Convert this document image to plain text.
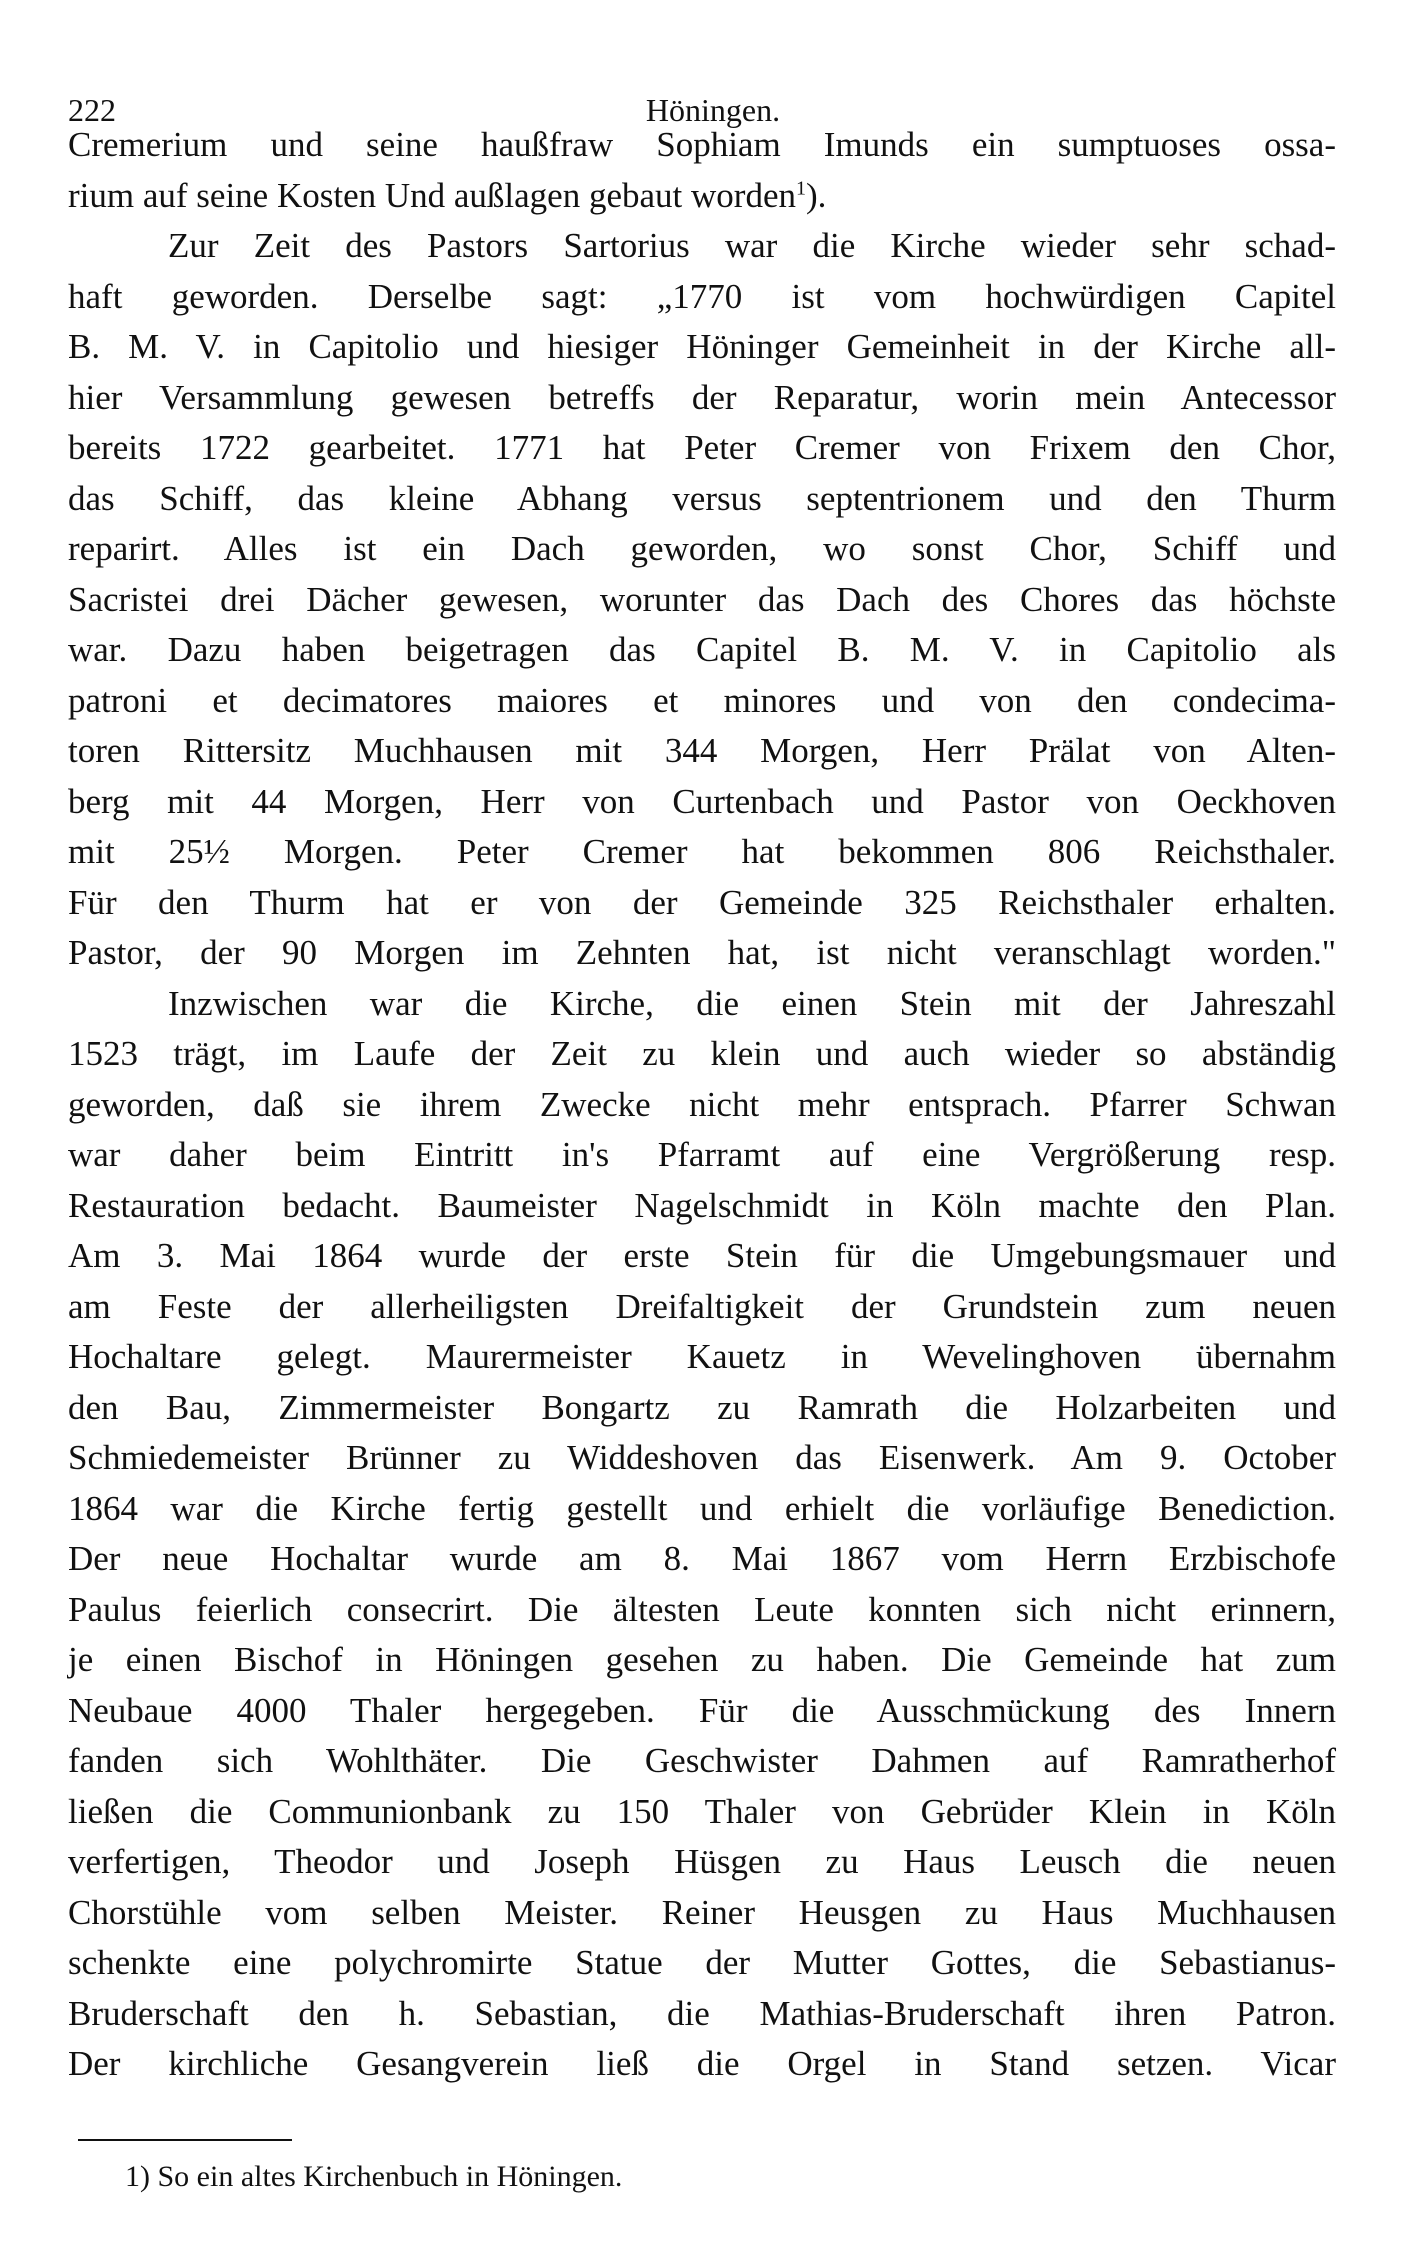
222	Höningen.
Cremerium und seine haußfraw Sophiam Imunds ein sumptuoses ossa-
rium auf seine Kosten Und außlagen gebaut worden$^1$).
Zur Zeit des Pastors Sartorius war die Kirche wieder sehr schad-
haft geworden. Derselbe sagt: „1770 ist vom hochwürdigen Capitel
B. M. V. in Capitolio und hiesiger Höninger Gemeinheit in der Kirche all-
hier Versammlung gewesen betreffs der Reparatur, worin mein Antecessor
bereits 1722 gearbeitet. 1771 hat Peter Cremer von Frixem den Chor,
das Schiff, das kleine Abhang versus septentrionem und den Thurm
reparirt. Alles ist ein Dach geworden, wo sonst Chor, Schiff und
Sacristei drei Dächer gewesen, worunter das Dach des Chores das höchste
war. Dazu haben beigetragen das Capitel B. M. V. in Capitolio als
patroni et decimatores maiores et minores und von den condecima-
toren Rittersitz Muchhausen mit 344 Morgen, Herr Prälat von Alten-
berg mit 44 Morgen, Herr von Curtenbach und Pastor von Oeckhoven
mit 25½ Morgen. Peter Cremer hat bekommen 806 Reichsthaler.
Für den Thurm hat er von der Gemeinde 325 Reichsthaler erhalten.
Pastor, der 90 Morgen im Zehnten hat, ist nicht veranschlagt worden."
Inzwischen war die Kirche, die einen Stein mit der Jahreszahl
1523 trägt, im Laufe der Zeit zu klein und auch wieder so abständig
geworden, daß sie ihrem Zwecke nicht mehr entsprach. Pfarrer Schwan
war daher beim Eintritt in's Pfarramt auf eine Vergrößerung resp.
Restauration bedacht. Baumeister Nagelschmidt in Köln machte den Plan.
Am 3. Mai 1864 wurde der erste Stein für die Umgebungsmauer und
am Feste der allerheiligsten Dreifaltigkeit der Grundstein zum neuen
Hochaltare gelegt. Maurermeister Kauetz in Wevelinghoven übernahm
den Bau, Zimmermeister Bongartz zu Ramrath die Holzarbeiten und
Schmiedemeister Brünner zu Widdeshoven das Eisenwerk. Am 9. October
1864 war die Kirche fertig gestellt und erhielt die vorläufige Benediction.
Der neue Hochaltar wurde am 8. Mai 1867 vom Herrn Erzbischofe
Paulus feierlich consecrirt. Die ältesten Leute konnten sich nicht erinnern,
je einen Bischof in Höningen gesehen zu haben. Die Gemeinde hat zum
Neubaue 4000 Thaler hergegeben. Für die Ausschmückung des Innern
fanden sich Wohlthäter. Die Geschwister Dahmen auf Ramratherhof
ließen die Communionbank zu 150 Thaler von Gebrüder Klein in Köln
verfertigen, Theodor und Joseph Hüsgen zu Haus Leusch die neuen
Chorstühle vom selben Meister. Reiner Heusgen zu Haus Muchhausen
schenkte eine polychromirte Statue der Mutter Gottes, die Sebastianus-
Bruderschaft den h. Sebastian, die Mathias-Bruderschaft ihren Patron.
Der kirchliche Gesangverein ließ die Orgel in Stand setzen. Vicar
1) So ein altes Kirchenbuch in Höningen.
